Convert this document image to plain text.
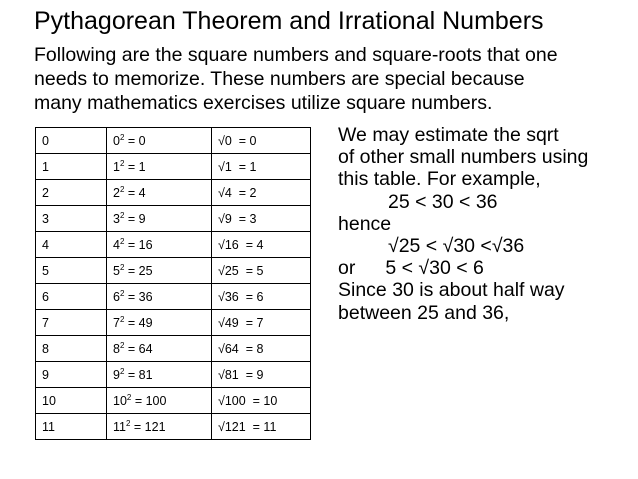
Pythagorean Theorem and Irrational Numbers
Following are the square numbers and square-roots that one
needs to memorize. These numbers are special because
many mathematics exercises utilize square numbers.
0	$0^2 = 0$	√0  = 0
1	$1^2 = 1$	√1  = 1
2	$2^2 = 4$	√4  = 2
3	$3^2 = 9$	√9  = 3
4	$4^2 = 16$	√16  = 4
5	$5^2 = 25$	√25  = 5
6	$6^2 = 36$	√36  = 6
7	$7^2 = 49$	√49  = 7
8	$8^2 = 64$	√64  = 8
9	$9^2 = 81$	√81  = 9
10	$10^2 = 100$	√100  = 10
11	$11^2 = 121$	√121  = 11
We may estimate the sqrt
of other small numbers using
this table. For example,
25 < 30 < 36
hence
√25 < √30 <√36
or 5 < √30 < 6
Since 30 is about half way
between 25 and 36,
